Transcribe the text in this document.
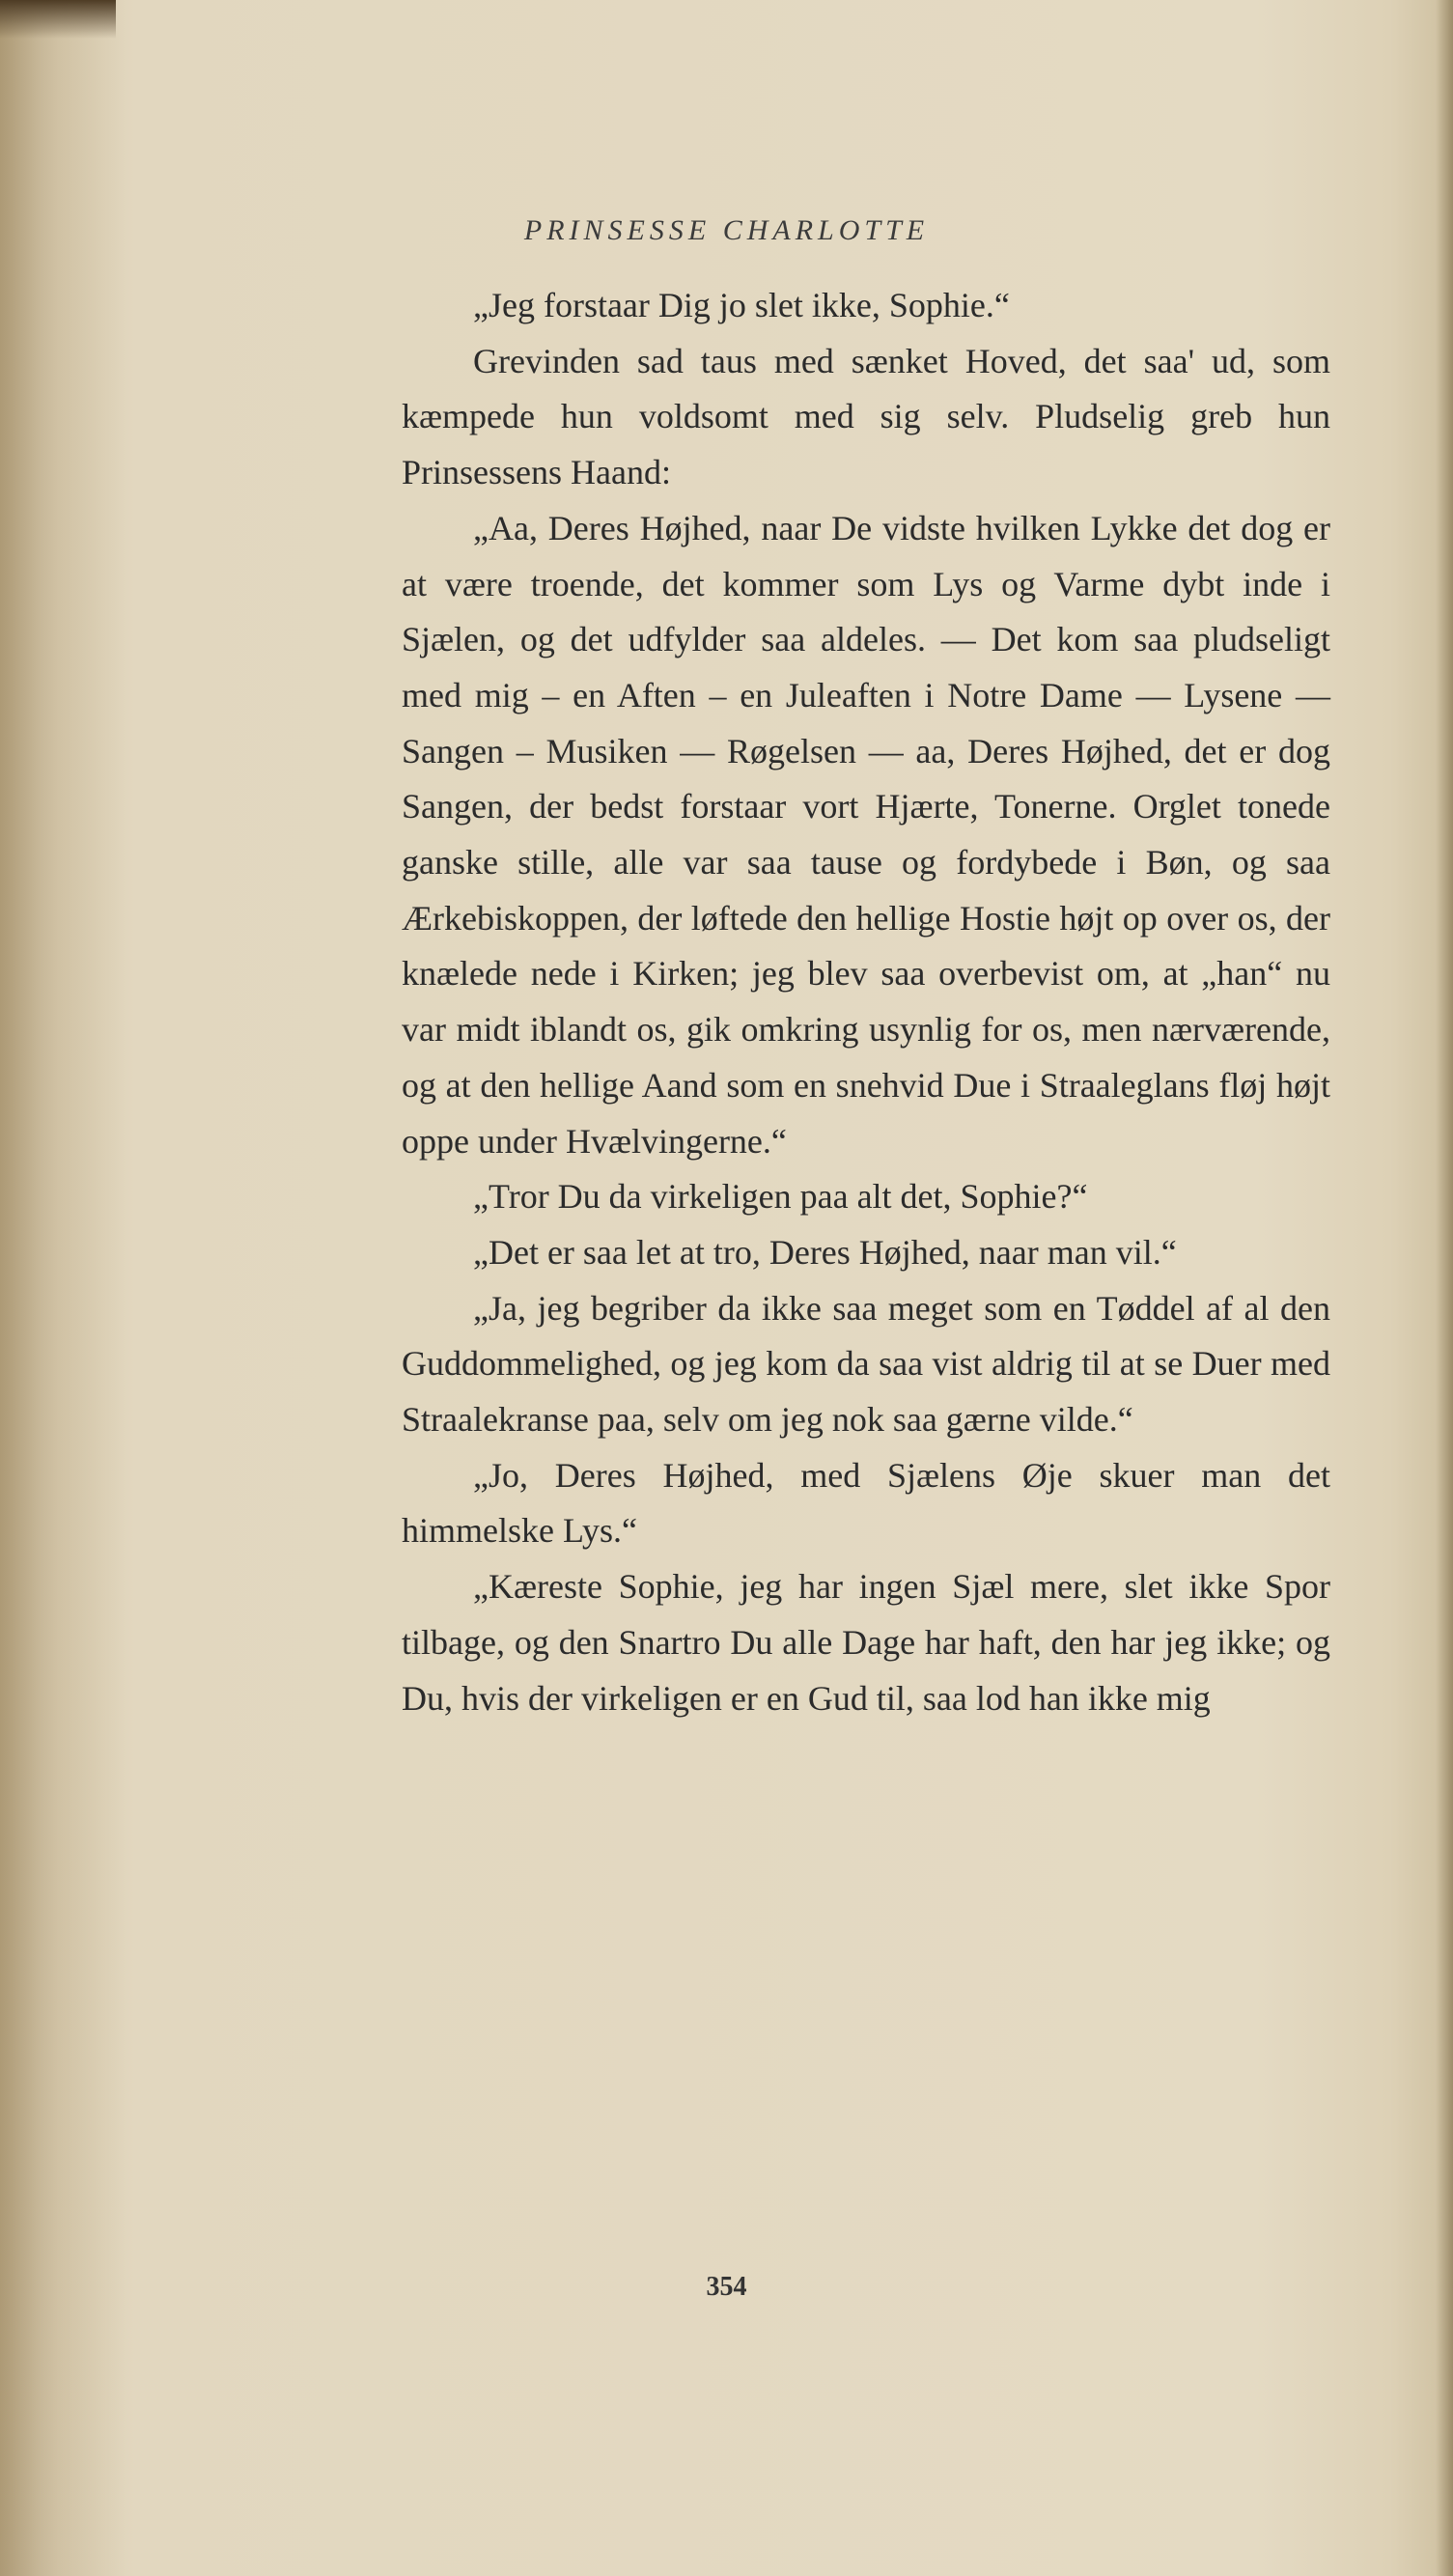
PRINSESSE CHARLOTTE

„Jeg forstaar Dig jo slet ikke, Sophie.“

Grevinden sad taus med sænket Hoved, det saa' ud, som kæmpede hun voldsomt med sig selv. Pludselig greb hun Prinsessens Haand:

„Aa, Deres Højhed, naar De vidste hvilken Lykke det dog er at være troende, det kommer som Lys og Varme dybt inde i Sjælen, og det udfylder saa aldeles. — Det kom saa pludseligt med mig – en Aften – en Juleaften i Notre Dame — Lysene — Sangen – Musiken — Røgelsen — aa, Deres Højhed, det er dog Sangen, der bedst forstaar vort Hjærte, Tonerne. Orglet tonede ganske stille, alle var saa tause og fordybede i Bøn, og saa Ærkebiskoppen, der løftede den hellige Hostie højt op over os, der knælede nede i Kirken; jeg blev saa overbevist om, at „han“ nu var midt iblandt os, gik omkring usynlig for os, men nærværende, og at den hellige Aand som en snehvid Due i Straaleglans fløj højt oppe under Hvælvingerne.“

„Tror Du da virkeligen paa alt det, Sophie?“

„Det er saa let at tro, Deres Højhed, naar man vil.“

„Ja, jeg begriber da ikke saa meget som en Tøddel af al den Guddommelighed, og jeg kom da saa vist aldrig til at se Duer med Straalekranse paa, selv om jeg nok saa gærne vilde.“

„Jo, Deres Højhed, med Sjælens Øje skuer man det himmelske Lys.“

„Kæreste Sophie, jeg har ingen Sjæl mere, slet ikke Spor tilbage, og den Snartro Du alle Dage har haft, den har jeg ikke; og Du, hvis der virkeligen er en Gud til, saa lod han ikke mig

354
